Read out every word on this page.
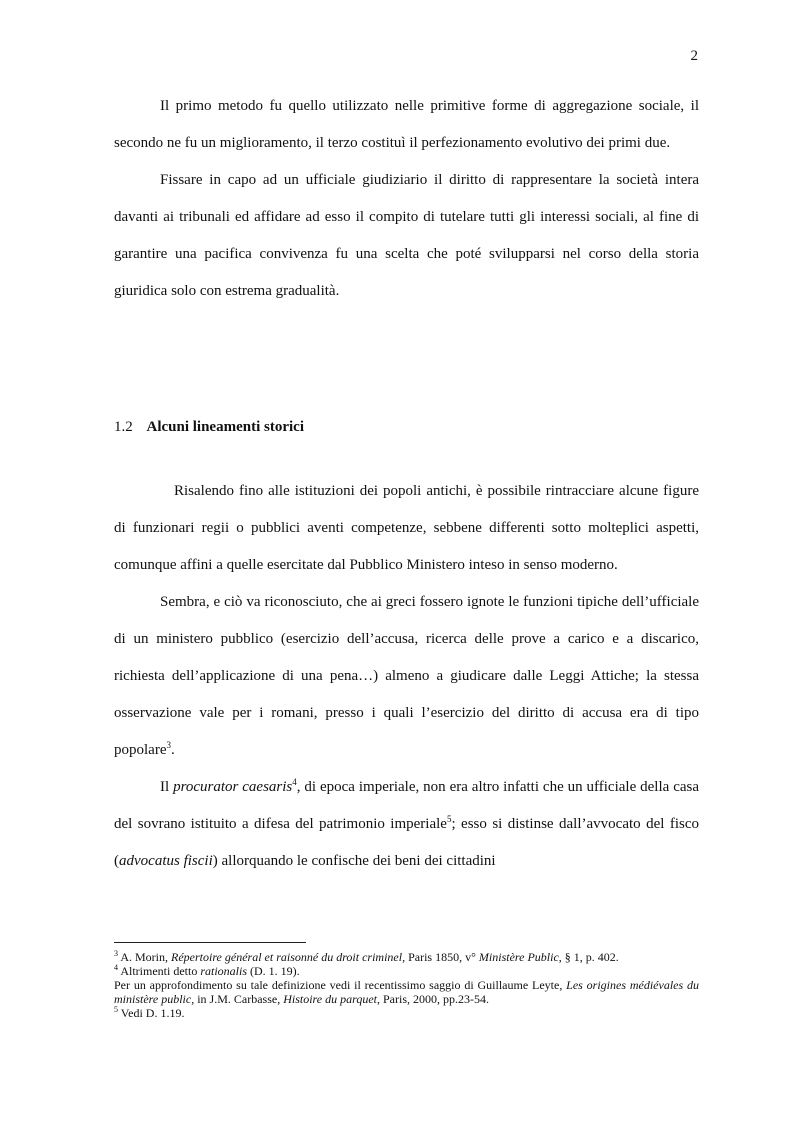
2

Il primo metodo fu quello utilizzato nelle primitive forme di aggregazione sociale, il secondo ne fu un miglioramento, il terzo costituì il perfezionamento evolutivo dei primi due.

Fissare in capo ad un ufficiale giudiziario il diritto di rappresentare la società intera davanti ai tribunali ed affidare ad esso il compito di tutelare tutti gli interessi sociali, al fine di garantire una pacifica convivenza fu una scelta che poté svilupparsi nel corso della storia giuridica solo con estrema gradualità.

1.2 Alcuni lineamenti storici

Risalendo fino alle istituzioni dei popoli antichi, è possibile rintracciare alcune figure di funzionari regii o pubblici aventi competenze, sebbene differenti sotto molteplici aspetti, comunque affini a quelle esercitate dal Pubblico Ministero inteso in senso moderno.

Sembra, e ciò va riconosciuto, che ai greci fossero ignote le funzioni tipiche dell’ufficiale di un ministero pubblico (esercizio dell’accusa, ricerca delle prove a carico e a discarico, richiesta dell’applicazione di una pena…) almeno a giudicare dalle Leggi Attiche; la stessa osservazione vale per i romani, presso i quali l’esercizio del diritto di accusa era di tipo popolare$^3$.

Il procurator caesaris$^4$, di epoca imperiale, non era altro infatti che un ufficiale della casa del sovrano istituito a difesa del patrimonio imperiale$^5$; esso si distinse dall’avvocato del fisco (advocatus fiscii) allorquando le confische dei beni dei cittadini

$^3$ A. Morin, Répertoire général et raisonné du droit criminel, Paris 1850, v° Ministère Public, § 1, p. 402.

$^4$ Altrimenti detto rationalis (D. 1. 19).

Per un approfondimento su tale definizione vedi il recentissimo saggio di Guillaume Leyte, Les origines médiévales du ministère public, in J.M. Carbasse, Histoire du parquet, Paris, 2000, pp.23-54.

$^5$ Vedi D. 1.19.
